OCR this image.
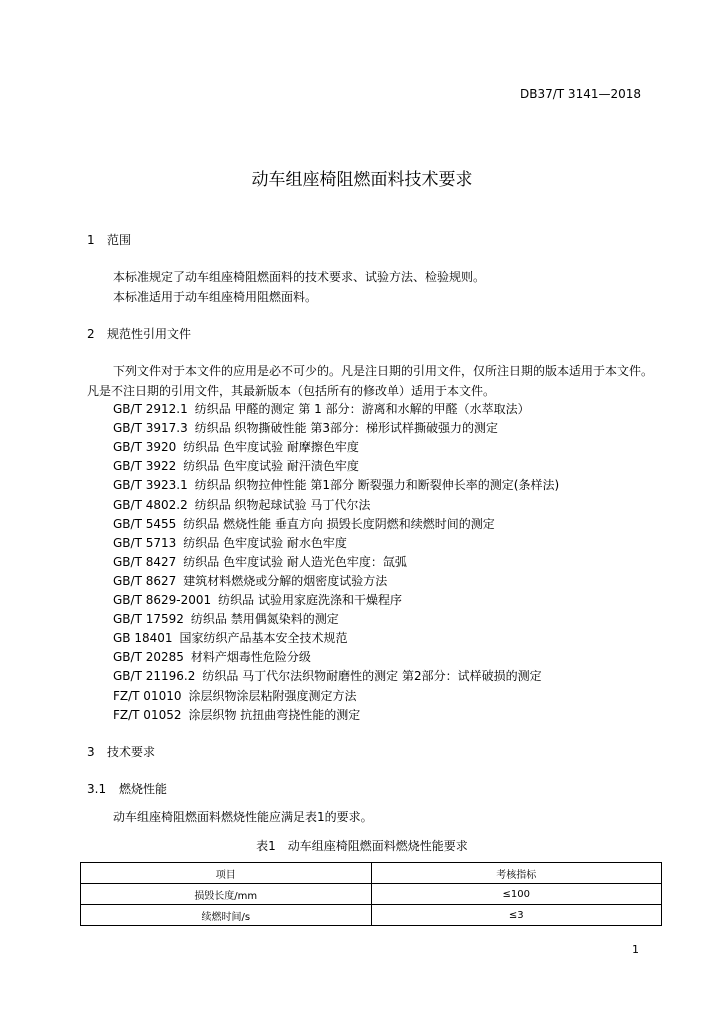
DB37/T 3141—2018
动车组座椅阻燃面料技术要求
1 范围
本标准规定了动车组座椅阻燃面料的技术要求、试验方法、检验规则。
本标准适用于动车组座椅用阻燃面料。
2 规范性引用文件
下列文件对于本文件的应用是必不可少的。凡是注日期的引用文件，仅所注日期的版本适用于本文件。凡是不注日期的引用文件，其最新版本（包括所有的修改单）适用于本文件。
GB/T 2912.1 纺织品 甲醛的测定 第 1 部分：游离和水解的甲醛（水萃取法）
GB/T 3917.3 纺织品 织物撕破性能 第3部分：梯形试样撕破强力的测定
GB/T 3920 纺织品 色牢度试验 耐摩擦色牢度
GB/T 3922 纺织品 色牢度试验 耐汗渍色牢度
GB/T 3923.1 纺织品 织物拉伸性能 第1部分 断裂强力和断裂伸长率的测定(条样法)
GB/T 4802.2 纺织品 织物起球试验 马丁代尔法
GB/T 5455 纺织品 燃烧性能 垂直方向 损毁长度阴燃和续燃时间的测定
GB/T 5713 纺织品 色牢度试验 耐水色牢度
GB/T 8427 纺织品 色牢度试验 耐人造光色牢度：氙弧
GB/T 8627 建筑材料燃烧或分解的烟密度试验方法
GB/T 8629-2001 纺织品 试验用家庭洗涤和干燥程序
GB/T 17592 纺织品 禁用偶氮染料的测定
GB 18401 国家纺织产品基本安全技术规范
GB/T 20285 材料产烟毒性危险分级
GB/T 21196.2 纺织品 马丁代尔法织物耐磨性的测定 第2部分：试样破损的测定
FZ/T 01010 涂层织物涂层粘附强度测定方法
FZ/T 01052 涂层织物 抗扭曲弯挠性能的测定
3 技术要求
3.1 燃烧性能
动车组座椅阻燃面料燃烧性能应满足表1的要求。
表1　动车组座椅阻燃面料燃烧性能要求
项目	考核指标
损毁长度/mm	≤100
续燃时间/s	≤3
1
